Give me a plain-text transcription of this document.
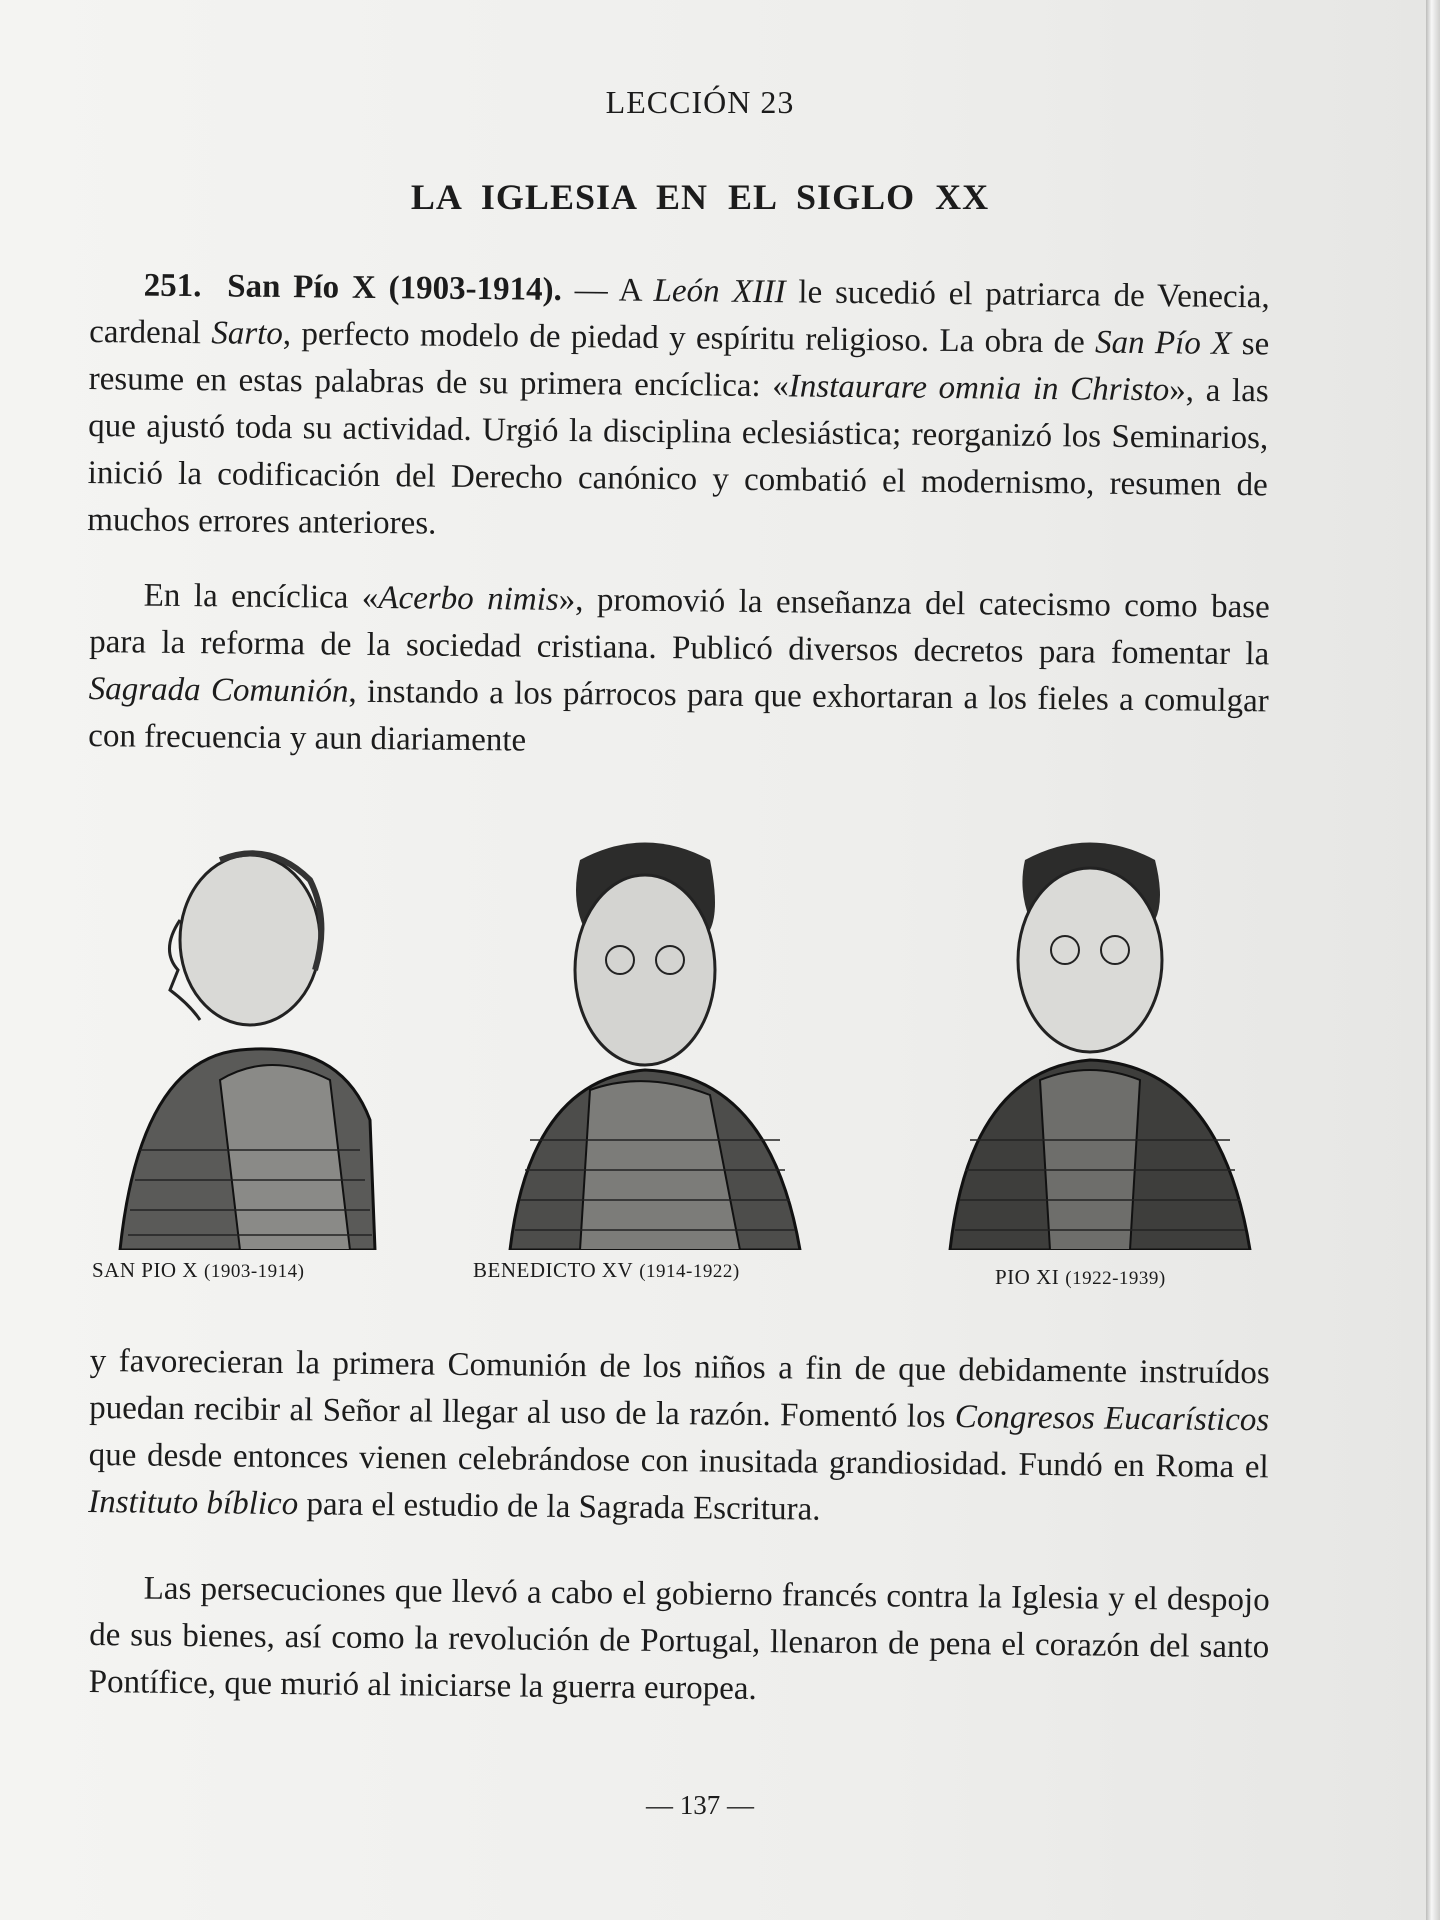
LECCIÓN 23
LA IGLESIA EN EL SIGLO XX

251. San Pío X (1903-1914). — A León XIII le sucedió el patriarca de Venecia, cardenal Sarto, perfecto modelo de piedad y espíritu religioso. La obra de San Pío X se resume en estas palabras de su primera encíclica: «Instaurare omnia in Christo», a las que ajustó toda su actividad. Urgió la disciplina eclesiástica; reorganizó los Seminarios, inició la codificación del Derecho canónico y combatió el modernismo, resumen de muchos errores anteriores.

En la encíclica «Acerbo nimis», promovió la enseñanza del catecismo como base para la reforma de la sociedad cristiana. Publicó diversos decretos para fomentar la Sagrada Comunión, instando a los párrocos para que exhortaran a los fieles a comulgar con frecuencia y aun diariamente

SAN PIO X (1903-1914)	BENEDICTO XV (1914-1922)	PIO XI (1922-1939)

y favorecieran la primera Comunión de los niños a fin de que debidamente instruídos puedan recibir al Señor al llegar al uso de la razón. Fomentó los Congresos Eucarísticos que desde entonces vienen celebrándose con inusitada grandiosidad. Fundó en Roma el Instituto bíblico para el estudio de la Sagrada Escritura.

Las persecuciones que llevó a cabo el gobierno francés contra la Iglesia y el despojo de sus bienes, así como la revolución de Portugal, llenaron de pena el corazón del santo Pontífice, que murió al iniciarse la guerra europea.

— 137 —
